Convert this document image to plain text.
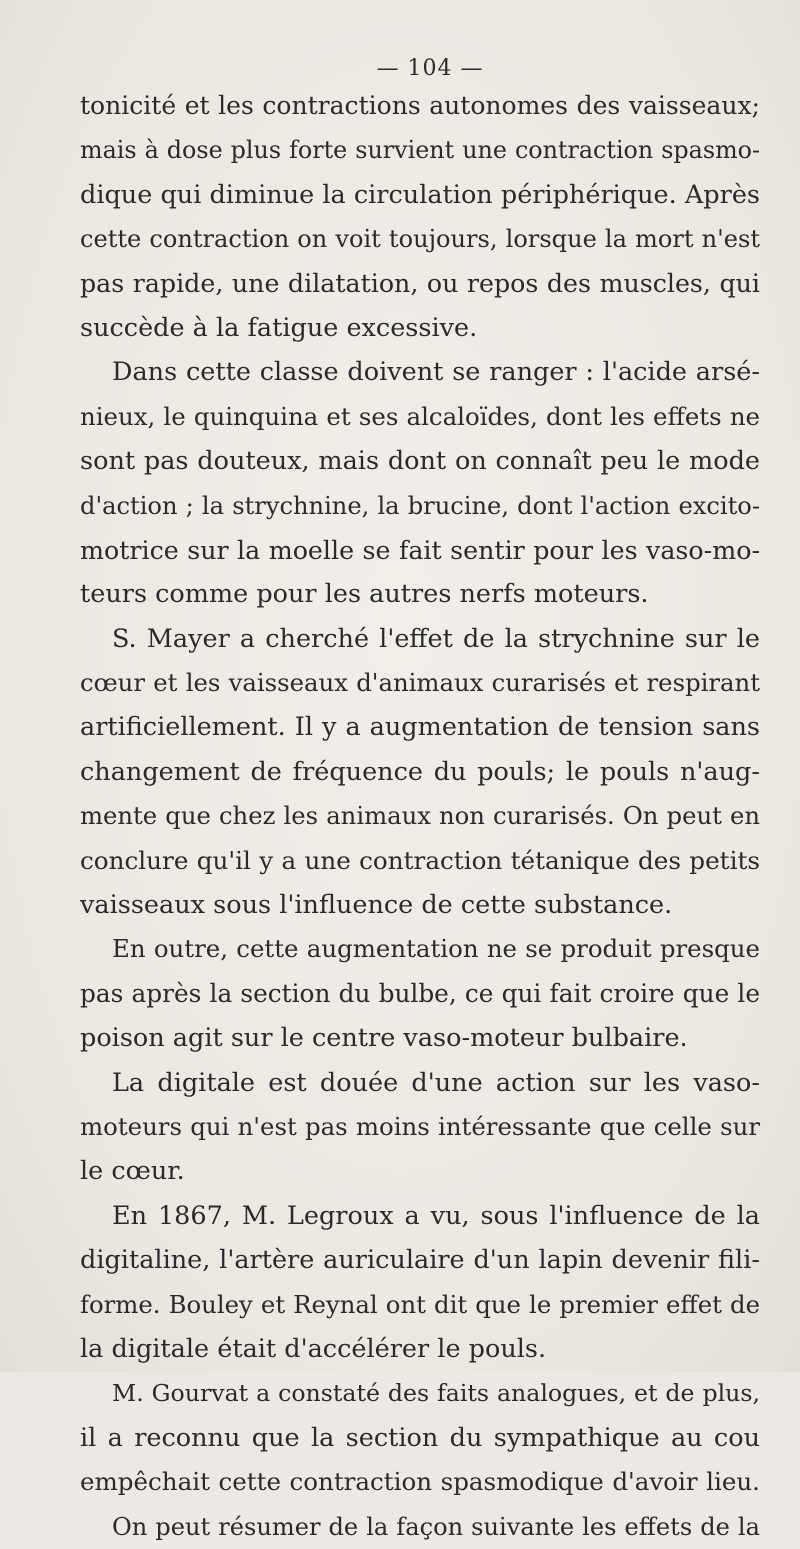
— 104 —
tonicité et les contractions autonomes des vaisseaux;
mais à dose plus forte survient une contraction spasmo-
dique qui diminue la circulation périphérique. Après
cette contraction on voit toujours, lorsque la mort n'est
pas rapide, une dilatation, ou repos des muscles, qui
succède à la fatigue excessive.
Dans cette classe doivent se ranger : l'acide arsé-
nieux, le quinquina et ses alcaloïdes, dont les effets ne
sont pas douteux, mais dont on connaît peu le mode
d'action ; la strychnine, la brucine, dont l'action excito-
motrice sur la moelle se fait sentir pour les vaso-mo-
teurs comme pour les autres nerfs moteurs.
S. Mayer a cherché l'effet de la strychnine sur le
cœur et les vaisseaux d'animaux curarisés et respirant
artificiellement. Il y a augmentation de tension sans
changement de fréquence du pouls; le pouls n'aug-
mente que chez les animaux non curarisés. On peut en
conclure qu'il y a une contraction tétanique des petits
vaisseaux sous l'influence de cette substance.
En outre, cette augmentation ne se produit presque
pas après la section du bulbe, ce qui fait croire que le
poison agit sur le centre vaso-moteur bulbaire.
La digitale est douée d'une action sur les vaso-
moteurs qui n'est pas moins intéressante que celle sur
le cœur.
En 1867, M. Legroux a vu, sous l'influence de la
digitaline, l'artère auriculaire d'un lapin devenir fili-
forme. Bouley et Reynal ont dit que le premier effet de
la digitale était d'accélérer le pouls.
M. Gourvat a constaté des faits analogues, et de plus,
il a reconnu que la section du sympathique au cou
empêchait cette contraction spasmodique d'avoir lieu.
On peut résumer de la façon suivante les effets de la
